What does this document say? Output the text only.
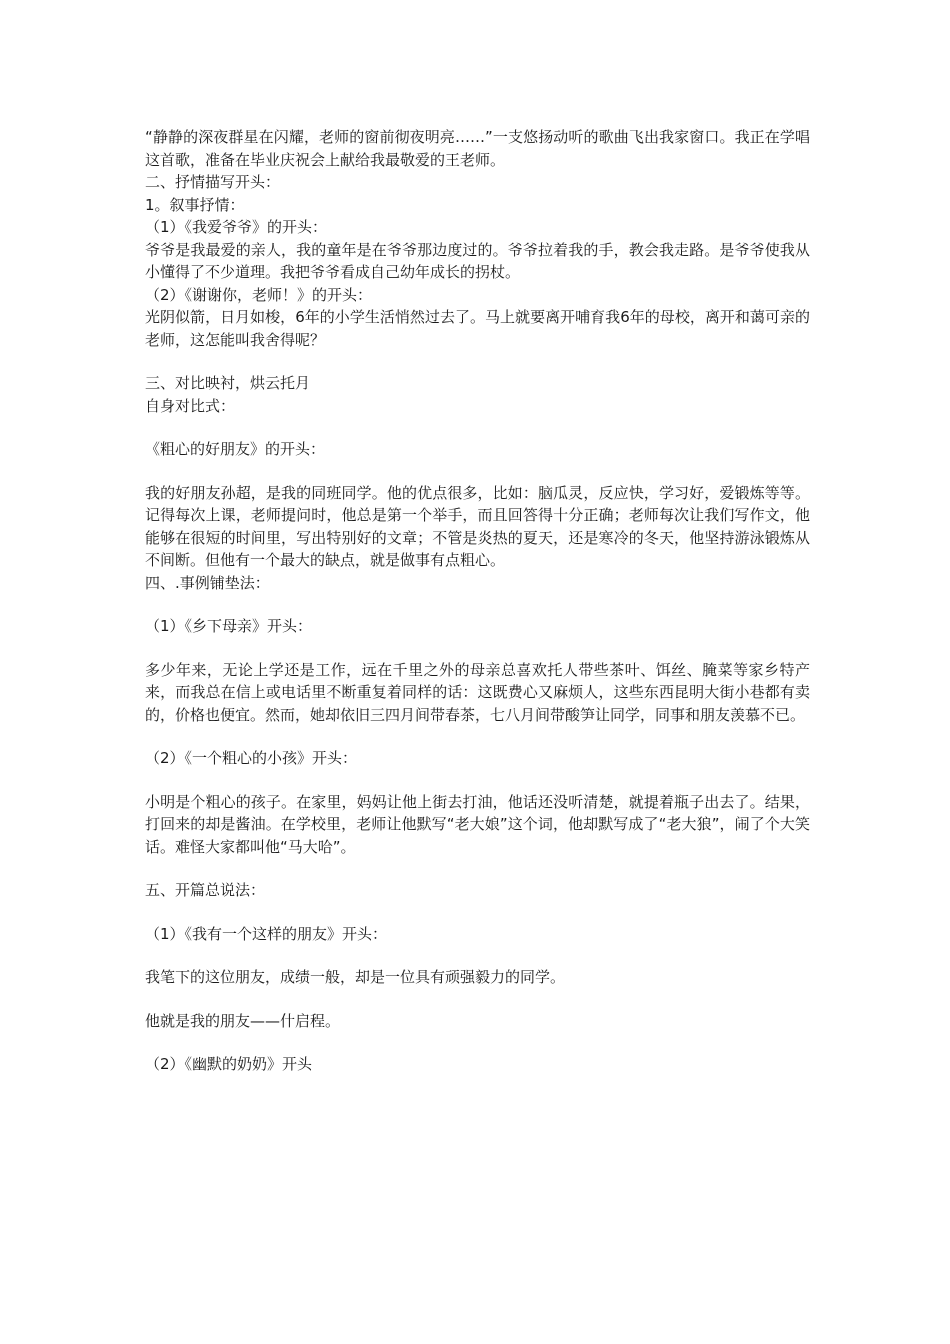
“静静的深夜群星在闪耀，老师的窗前彻夜明亮……”一支悠扬动听的歌曲飞出我家窗口。我正在学唱这首歌，准备在毕业庆祝会上献给我最敬爱的王老师。

二、抒情描写开头：

1。叙事抒情：

（1）《我爱爷爷》的开头：

爷爷是我最爱的亲人，我的童年是在爷爷那边度过的。爷爷拉着我的手，教会我走路。是爷爷使我从小懂得了不少道理。我把爷爷看成自己幼年成长的拐杖。

（2）《谢谢你，老师！》的开头：

光阴似箭，日月如梭，6年的小学生活悄然过去了。马上就要离开哺育我6年的母校，离开和蔼可亲的老师，这怎能叫我舍得呢？

三、对比映衬，烘云托月

自身对比式：

《粗心的好朋友》的开头：

我的好朋友孙超，是我的同班同学。他的优点很多，比如：脑瓜灵，反应快，学习好，爱锻炼等等。记得每次上课，老师提问时，他总是第一个举手，而且回答得十分正确；老师每次让我们写作文，他能够在很短的时间里，写出特别好的文章；不管是炎热的夏天，还是寒冷的冬天，他坚持游泳锻炼从不间断。但他有一个最大的缺点，就是做事有点粗心。

四、.事例铺垫法：

（1）《乡下母亲》开头：

多少年来，无论上学还是工作，远在千里之外的母亲总喜欢托人带些茶叶、饵丝、腌菜等家乡特产来，而我总在信上或电话里不断重复着同样的话：这既费心又麻烦人，这些东西昆明大街小巷都有卖的，价格也便宜。然而，她却依旧三四月间带春茶，七八月间带酸笋让同学，同事和朋友羡慕不已。

（2）《一个粗心的小孩》开头：

小明是个粗心的孩子。在家里，妈妈让他上街去打油，他话还没听清楚，就提着瓶子出去了。结果，打回来的却是酱油。在学校里，老师让他默写“老大娘”这个词，他却默写成了“老大狼”，闹了个大笑话。难怪大家都叫他“马大哈”。

五、开篇总说法：

（1）《我有一个这样的朋友》开头：

我笔下的这位朋友，成绩一般，却是一位具有顽强毅力的同学。

他就是我的朋友——什启程。

（2）《幽默的奶奶》开头
